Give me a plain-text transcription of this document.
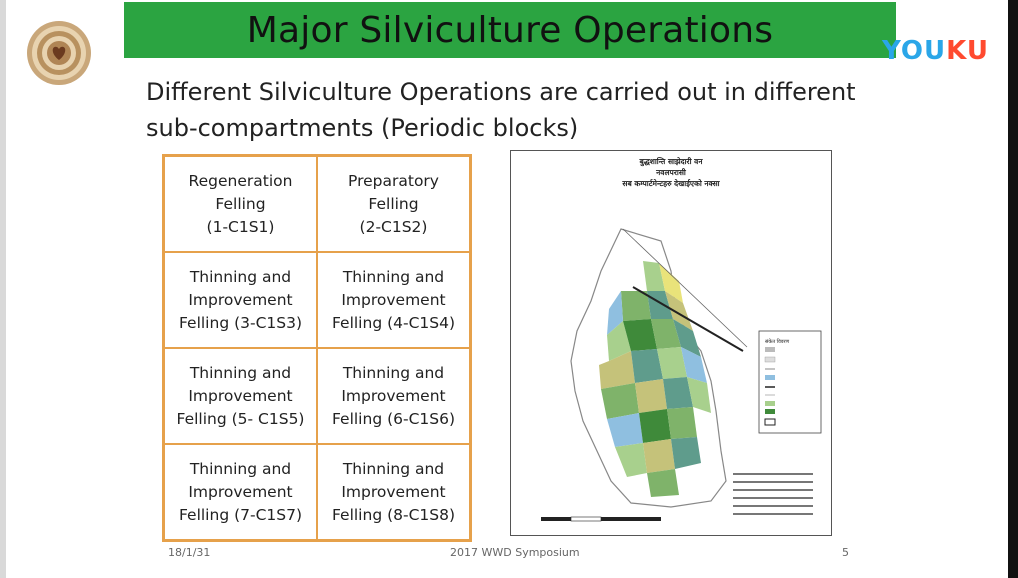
Major Silviculture Operations
YOUKU
Different Silviculture Operations are carried out in different sub-compartments (Periodic blocks)
Regeneration
Felling
(1-C1S1)
Preparatory
Felling
(2-C1S2)
Thinning and
Improvement
Felling (3-C1S3)
Thinning and
Improvement
Felling (4-C1S4)
Thinning and
Improvement
Felling (5- C1S5)
Thinning and
Improvement
Felling (6-C1S6)
Thinning and
Improvement
Felling (7-C1S7)
Thinning and
Improvement
Felling (8-C1S8)
बुद्धशान्ति साझेदारी वन
नवलपरासी
सब कम्पार्टमेन्टहरु देखाईएको नक्सा
संकेत विवरण
18/1/31	2017 WWD Symposium	5
